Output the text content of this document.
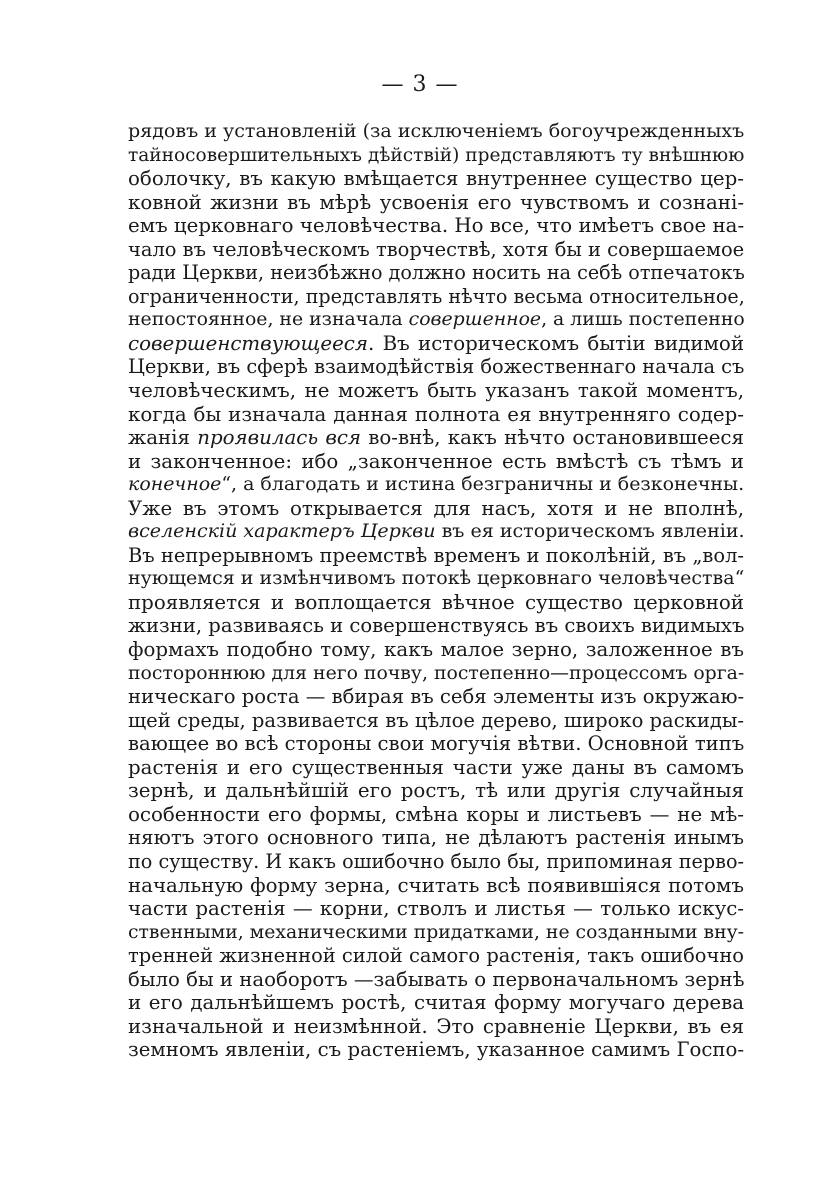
— 3 —
рядовъ и установленій (за исключеніемъ богоучрежденныхъ
тайносовершительныхъ дѣйствій) представляютъ ту внѣшнюю
оболочку, въ какую вмѣщается внутреннее существо цер-
ковной жизни въ мѣрѣ усвоенія его чувствомъ и сознані-
емъ церковнаго человѣчества. Но все, что имѣетъ свое на-
чало въ человѣческомъ творчествѣ, хотя бы и совершаемое
ради Церкви, неизбѣжно должно носить на себѣ отпечатокъ
ограниченности, представлять нѣчто весьма относительное,
непостоянное, не изначала совершенное, а лишь постепенно
совершенствующееся. Въ историческомъ бытіи видимой
Церкви, въ сферѣ взаимодѣйствія божественнаго начала съ
человѣческимъ, не можетъ быть указанъ такой моментъ,
когда бы изначала данная полнота ея внутренняго содер-
жанія проявилась вся во-внѣ, какъ нѣчто остановившееся
и законченное: ибо „законченное есть вмѣстѣ съ тѣмъ и
конечное“, а благодать и истина безграничны и безконечны.
Уже въ этомъ открывается для насъ, хотя и не вполнѣ,
вселенскій характеръ Церкви въ ея историческомъ явленіи.
Въ непрерывномъ преемствѣ временъ и поколѣній, въ „вол-
нующемся и измѣнчивомъ потокѣ церковнаго человѣчества“
проявляется и воплощается вѣчное существо церковной
жизни, развиваясь и совершенствуясь въ своихъ видимыхъ
формахъ подобно тому, какъ малое зерно, заложенное въ
постороннюю для него почву, постепенно—процессомъ орга-
ническаго роста — вбирая въ себя элементы изъ окружаю-
щей среды, развивается въ цѣлое дерево, широко раскиды-
вающее во всѣ стороны свои могучія вѣтви. Основной типъ
растенія и его существенныя части уже даны въ самомъ
зернѣ, и дальнѣйшій его ростъ, тѣ или другія случайныя
особенности его формы, смѣна коры и листьевъ — не мѣ-
няютъ этого основного типа, не дѣлаютъ растенія инымъ
по существу. И какъ ошибочно было бы, припоминая перво-
начальную форму зерна, считать всѣ появившіяся потомъ
части растенія — корни, стволъ и листья — только искус-
ственными, механическими придатками, не созданными вну-
тренней жизненной силой самого растенія, такъ ошибочно
было бы и наоборотъ —забывать о первоначальномъ зернѣ
и его дальнѣйшемъ ростѣ, считая форму могучаго дерева
изначальной и неизмѣнной. Это сравненіе Церкви, въ ея
земномъ явленіи, съ растеніемъ, указанное самимъ Госпо-
